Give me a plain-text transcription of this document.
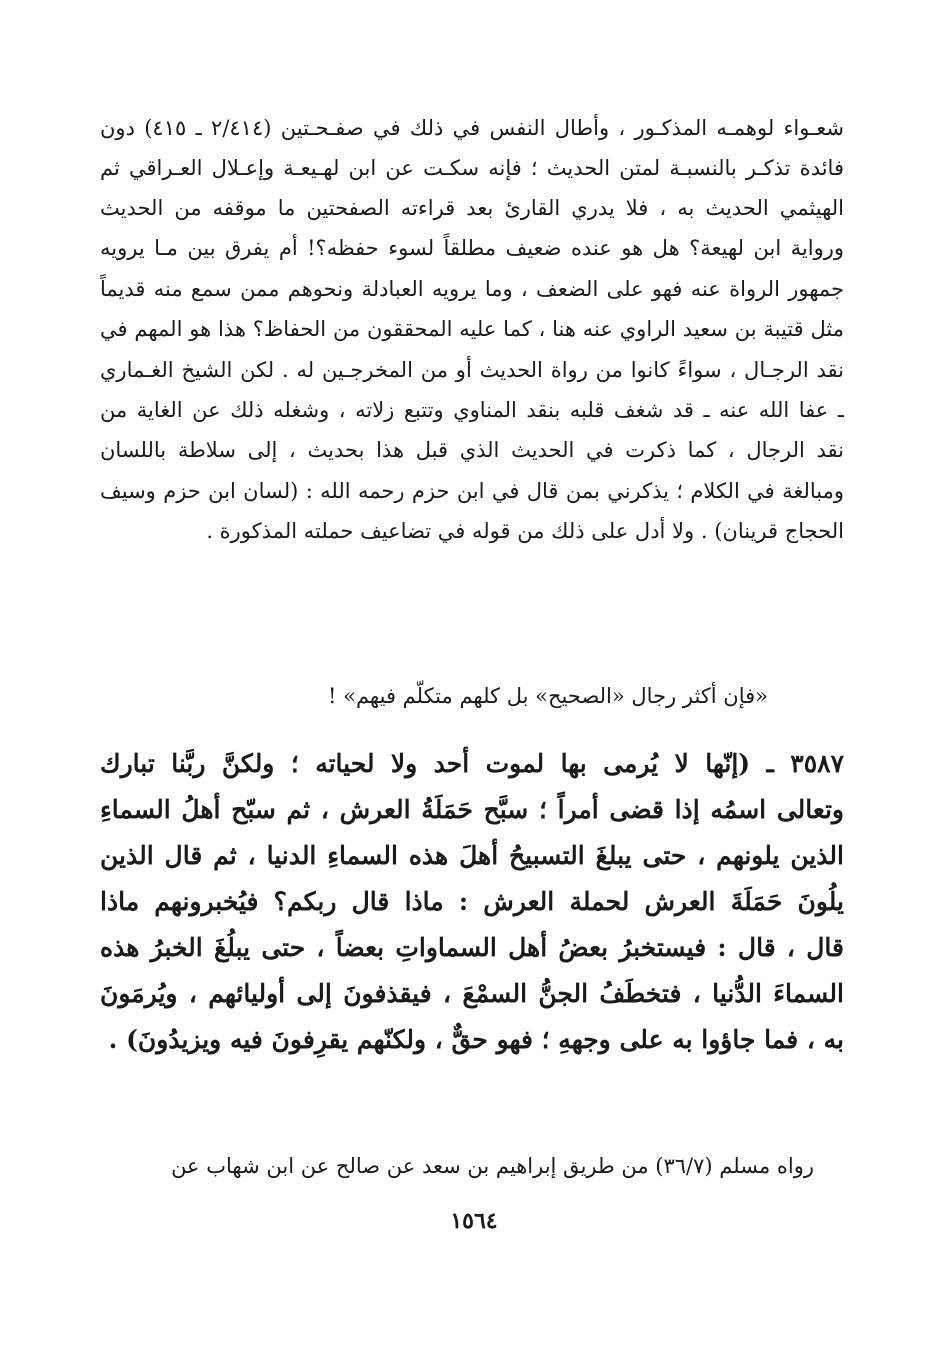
شعـواء لوهمـه المذكـور ، وأطال النفس في ذلك في صفـحـتين (٢/٤١٤ ـ ٤١٥) دون
فائدة تذكـر بالنسبـة لمتن الحديث ؛ فإنه سكـت عن ابن لهـيعـة وإعـلال العـراقي ثم
الهيثمي الحديث به ، فلا يدري القارئ بعد قراءته الصفحتين ما موقفه من الحديث
ورواية ابن لهيعة؟ هل هو عنده ضعيف مطلقاً لسوء حفظه؟! أم يفرق بين مـا يرويه
جمهور الرواة عنه فهو على الضعف ، وما يرويه العبادلة ونحوهم ممن سمع منه قديماً
مثل قتيبة بن سعيد الراوي عنه هنا ، كما عليه المحققون من الحفاظ؟ هذا هو المهم في
نقد الرجـال ، سواءً كانوا من رواة الحديث أو من المخرجـين له . لكن الشيخ الغـماري
ـ عفا الله عنه ـ قد شغف قلبه بنقد المناوي وتتبع زلاته ، وشغله ذلك عن الغاية من
نقد الرجال ، كما ذكرت في الحديث الذي قبل هذا بحديث ، إلى سلاطة باللسان
ومبالغة في الكلام ؛ يذكرني بمن قال في ابن حزم رحمه الله : (لسان ابن حزم وسيف
الحجاج قرينان) . ولا أدل على ذلك من قوله في تضاعيف حملته المذكورة .
«فإن أكثر رجال «الصحيح» بل كلهم متكلّم فيهم» !
٣٥٨٧ ـ (إنّها لا يُرمى بها لموت أحد ولا لحياته ؛ ولكنَّ ربَّنا تبارك
وتعالى اسمُه إذا قضى أمراً ؛ سبَّح حَمَلَةُ العرش ، ثم سبّح أهلُ السماءِ
الذين يلونهم ، حتى يبلغَ التسبيحُ أهلَ هذه السماءِ الدنيا ، ثم قال الذين
يلُونَ حَمَلَةَ العرش لحملة العرش : ماذا قال ربكم؟ فيُخبرونهم ماذا
قال ، قال : فيستخبرُ بعضُ أهل السماواتِ بعضاً ، حتى يبلُغَ الخبرُ هذه
السماءَ الدُّنيا ، فتخطَفُ الجنُّ السمْعَ ، فيقذفونَ إلى أوليائهم ، ويُرمَونَ
به ، فما جاؤوا به على وجههِ ؛ فهو حقٌّ ، ولكنّهم يقرِفونَ فيه ويزيدُونَ) .
رواه مسلم (٣٦/٧) من طريق إبراهيم بن سعد عن صالح عن ابن شهاب عن
١٥٦٤
